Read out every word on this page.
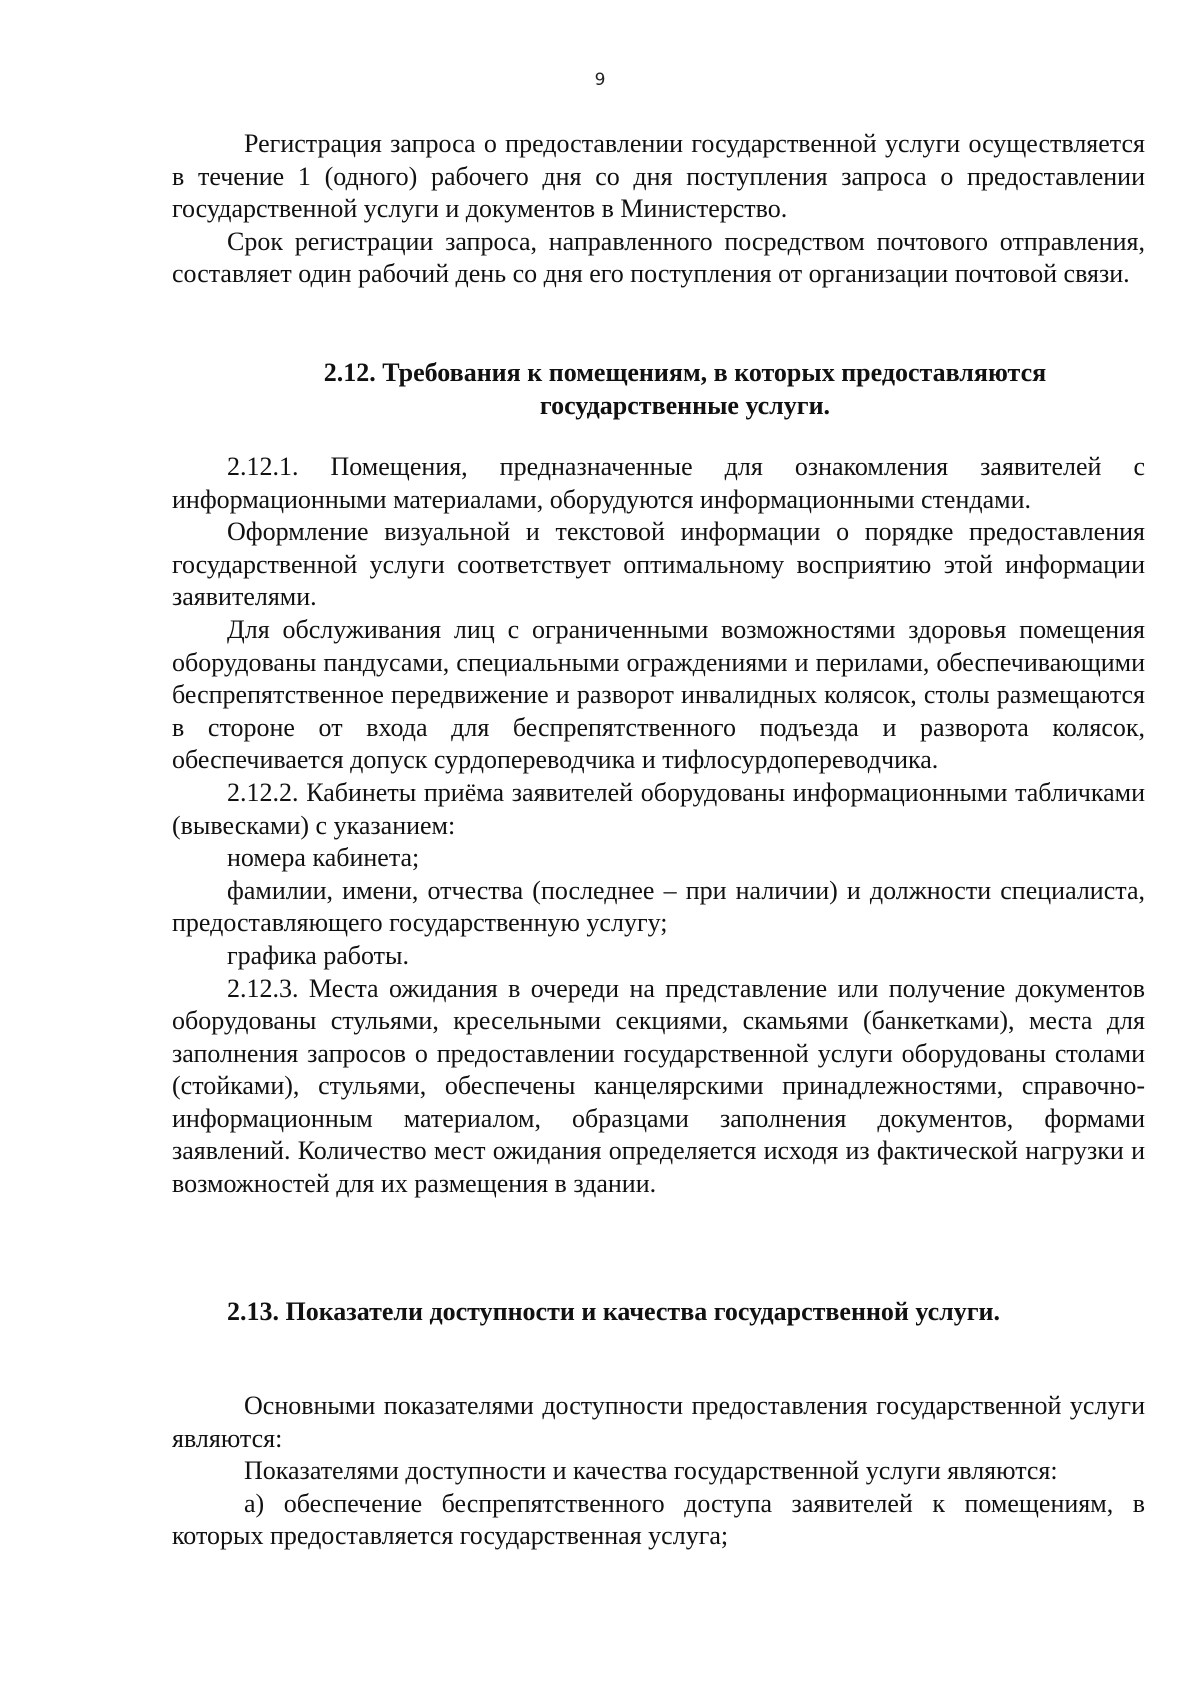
9

Регистрация запроса о предоставлении государственной услуги осуществляется в течение 1 (одного) рабочего дня со дня поступления запроса о предоставлении государственной услуги и документов в Министерство.

Срок регистрации запроса, направленного посредством почтового отправления, составляет один рабочий день со дня его поступления от организации почтовой связи.

2.12. Требования к помещениям, в которых предоставляются государственные услуги.

2.12.1. Помещения, предназначенные для ознакомления заявителей с информационными материалами, оборудуются информационными стендами.

Оформление визуальной и текстовой информации о порядке предоставления государственной услуги соответствует оптимальному восприятию этой информации заявителями.

Для обслуживания лиц с ограниченными возможностями здоровья помещения оборудованы пандусами, специальными ограждениями и перилами, обеспечивающими беспрепятственное передвижение и разворот инвалидных колясок, столы размещаются в стороне от входа для беспрепятственного подъезда и разворота колясок, обеспечивается допуск сурдопереводчика и тифлосурдопереводчика.

2.12.2. Кабинеты приёма заявителей оборудованы информационными табличками (вывесками) с указанием:

номера кабинета;

фамилии, имени, отчества (последнее – при наличии) и должности специалиста, предоставляющего государственную услугу;

графика работы.

2.12.3. Места ожидания в очереди на представление или получение документов оборудованы стульями, кресельными секциями, скамьями (банкетками), места для заполнения запросов о предоставлении государственной услуги оборудованы столами (стойками), стульями, обеспечены канцелярскими принадлежностями, справочно-информационным материалом, образцами заполнения документов, формами заявлений. Количество мест ожидания определяется исходя из фактической нагрузки и возможностей для их размещения в здании.

2.13. Показатели доступности и качества государственной услуги.

Основными показателями доступности предоставления государственной услуги являются:

Показателями доступности и качества государственной услуги являются:

а) обеспечение беспрепятственного доступа заявителей к помещениям, в которых предоставляется государственная услуга;
